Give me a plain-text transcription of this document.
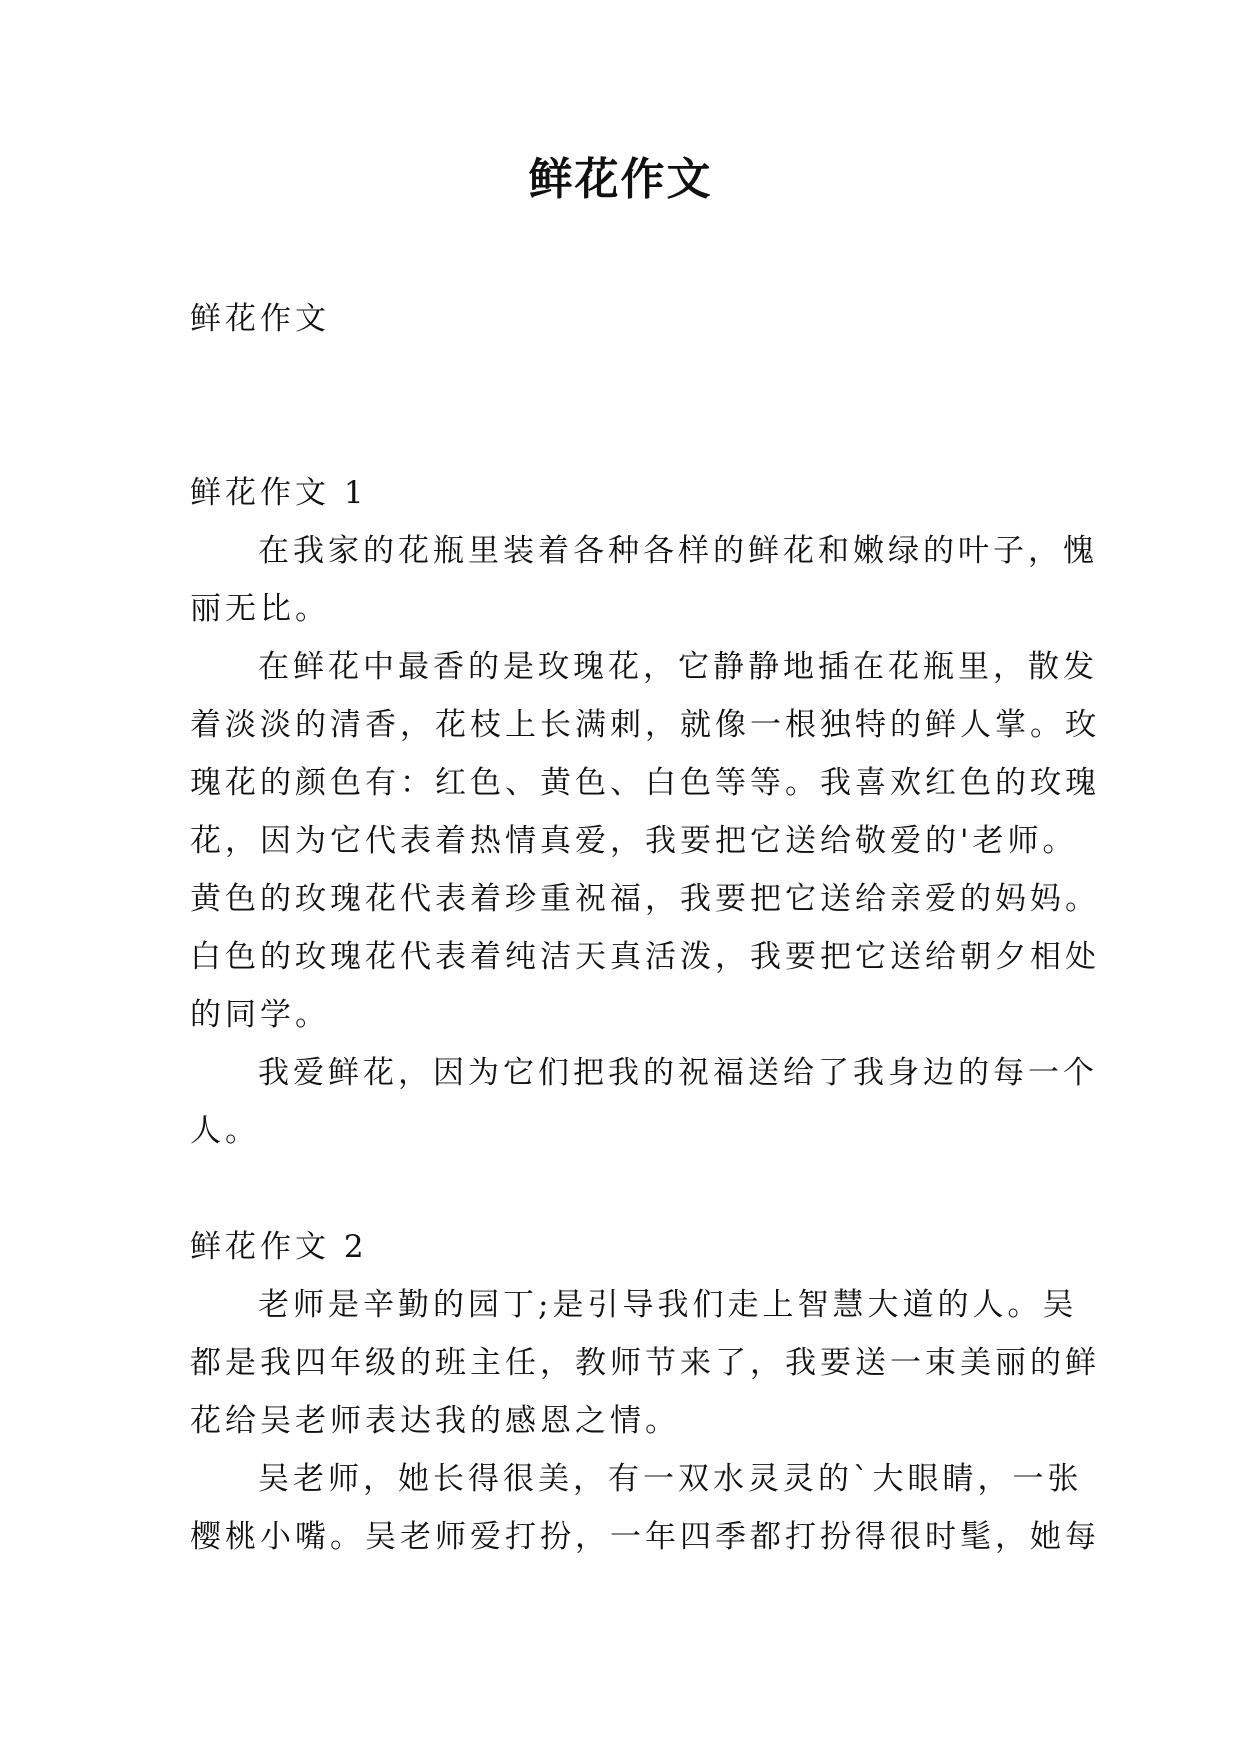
鲜花作文

鲜花作文

鲜花作文 1

在我家的花瓶里装着各种各样的鲜花和嫩绿的叶子，愧

丽无比。

在鲜花中最香的是玫瑰花，它静静地插在花瓶里，散发

着淡淡的清香，花枝上长满刺，就像一根独特的鲜人掌。玫

瑰花的颜色有：红色、黄色、白色等等。我喜欢红色的玫瑰

花，因为它代表着热情真爱，我要把它送给敬爱的'老师。

黄色的玫瑰花代表着珍重祝福，我要把它送给亲爱的妈妈。

白色的玫瑰花代表着纯洁天真活泼，我要把它送给朝夕相处

的同学。

我爱鲜花，因为它们把我的祝福送给了我身边的每一个

人。

鲜花作文 2

老师是辛勤的园丁;是引导我们走上智慧大道的人。吴

都是我四年级的班主任，教师节来了，我要送一束美丽的鲜

花给吴老师表达我的感恩之情。

吴老师，她长得很美，有一双水灵灵的`大眼睛，一张

樱桃小嘴。吴老师爱打扮，一年四季都打扮得很时髦，她每
